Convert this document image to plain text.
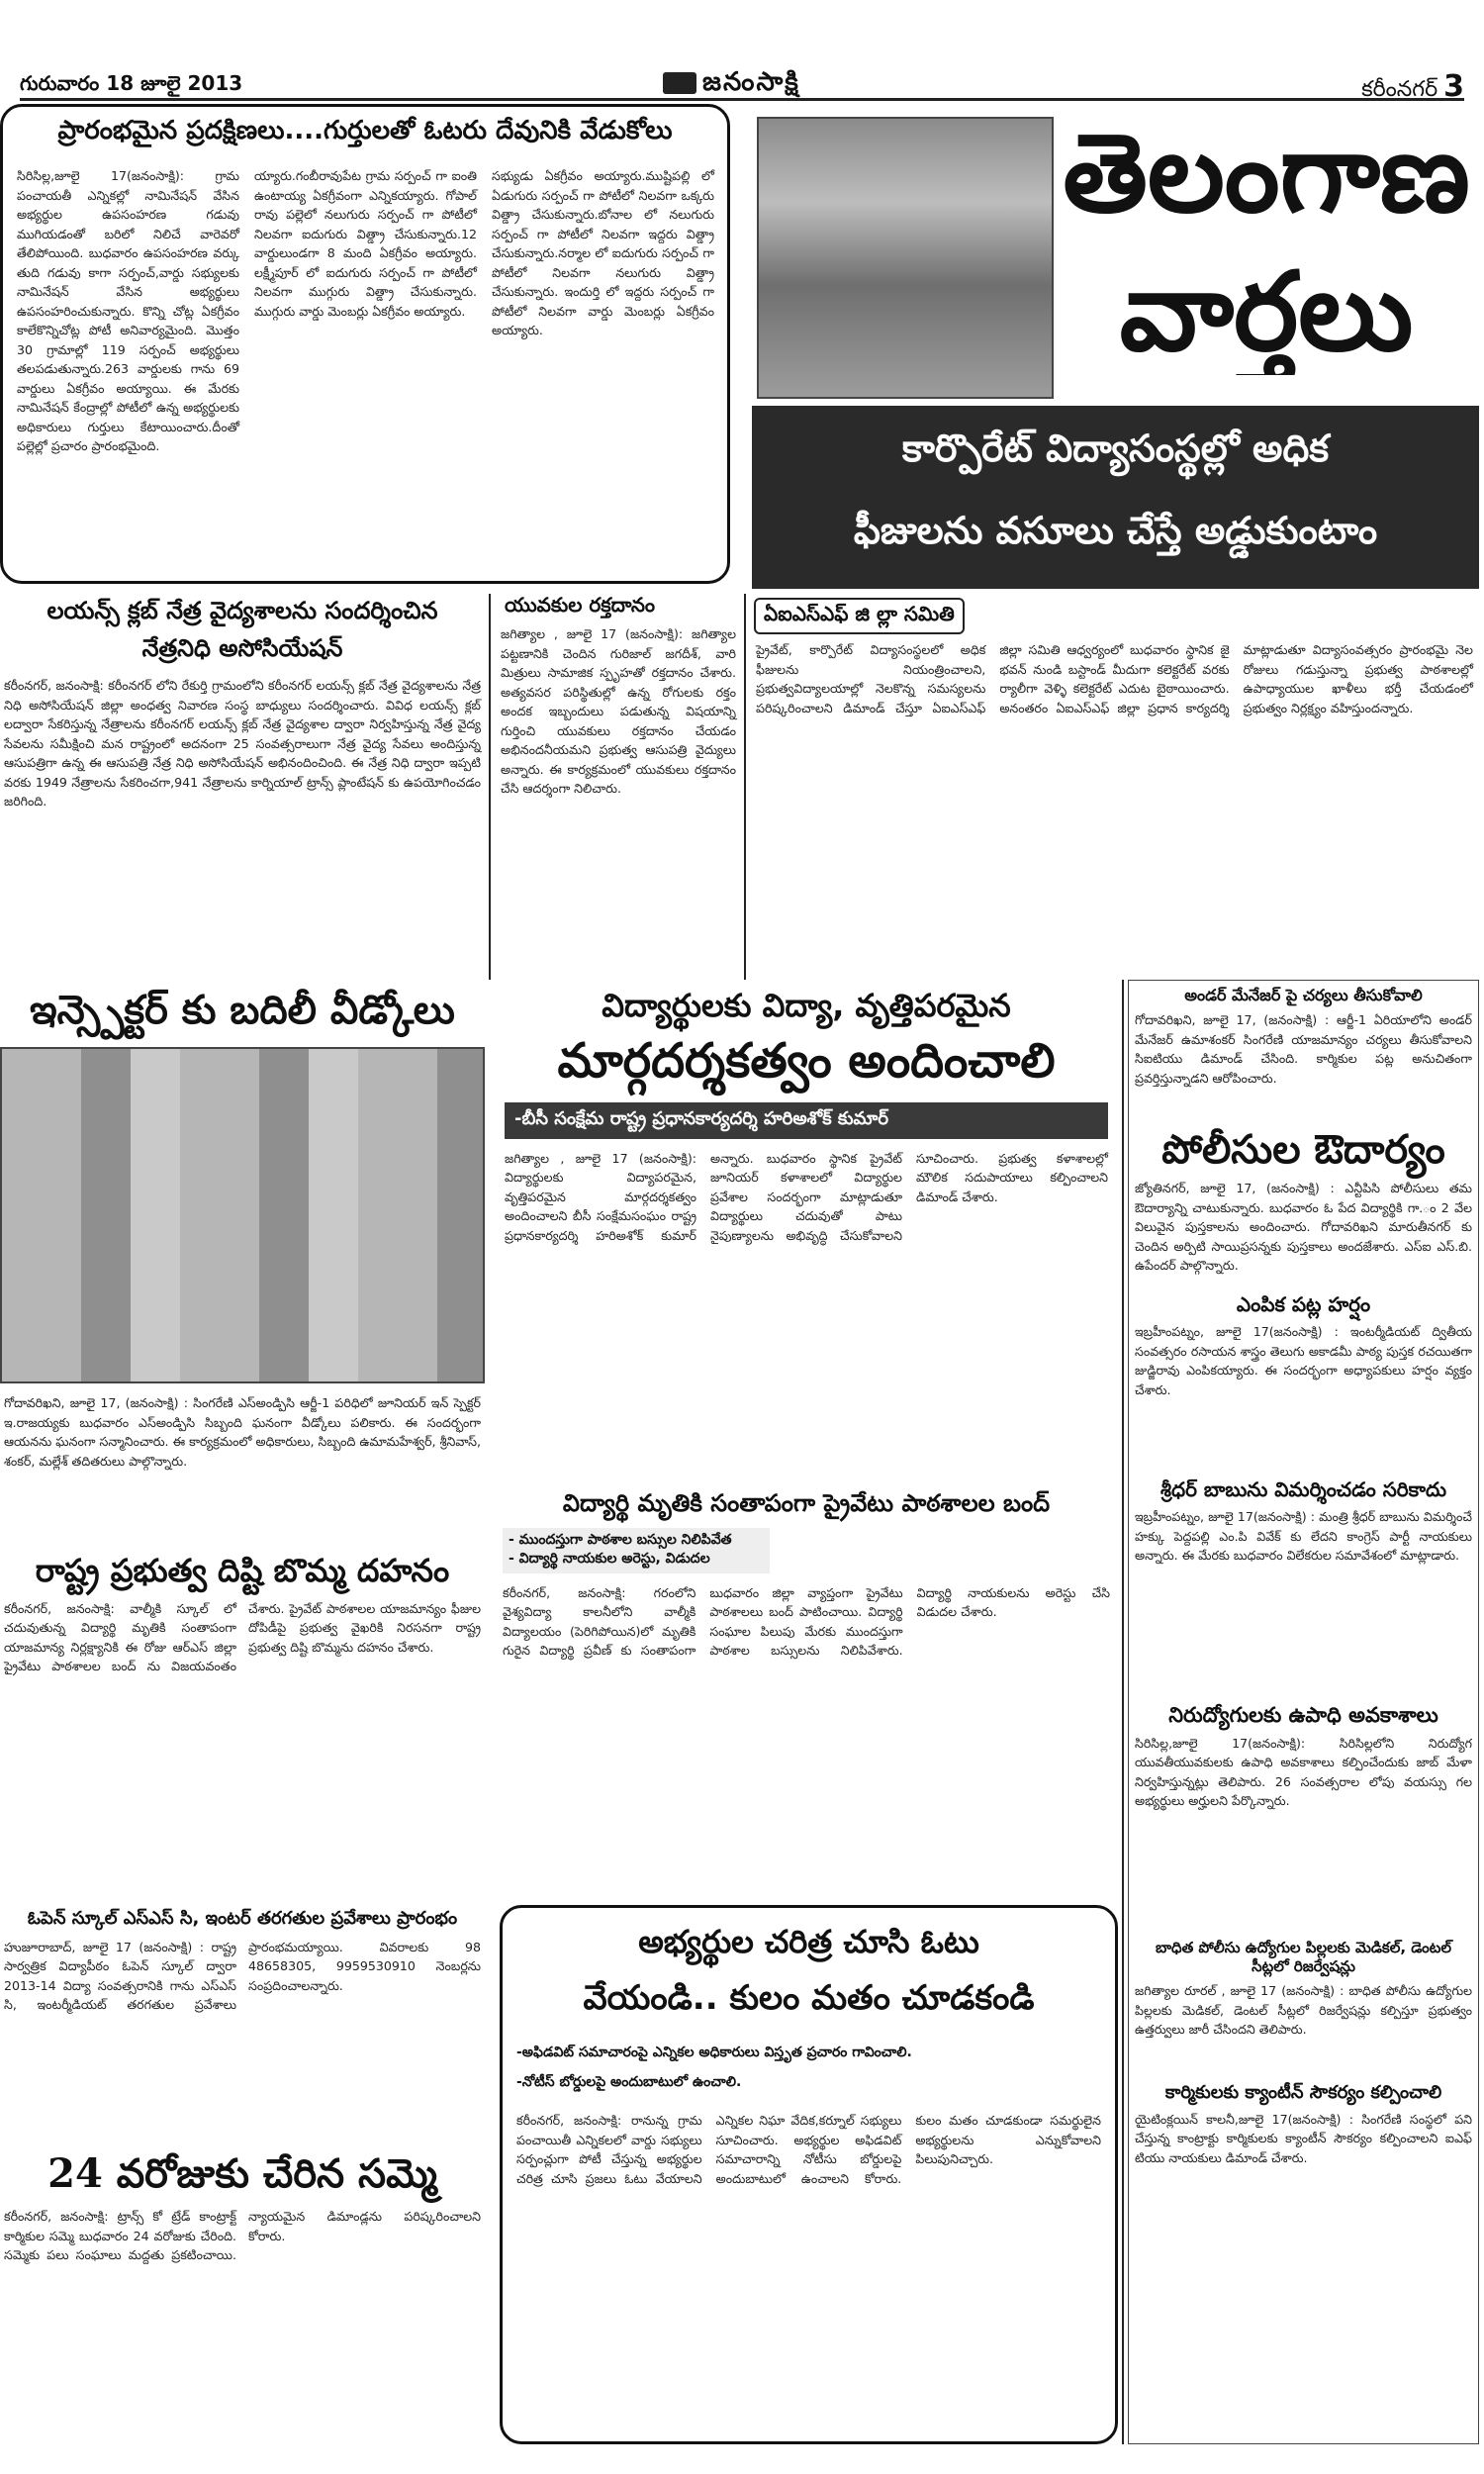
గురువారం 18 జూలై 2013	జనంసాక్షి	కరీంనగర్ 3
ప్రారంభమైన ప్రదక్షిణలు....గుర్తులతో ఓటరు దేవునికి వేడుకోలు
సిరిసిల్ల,జూలై 17(జనంసాక్షి): గ్రామ పంచాయతీ ఎన్నికల్లో నామినేషన్ వేసిన అభ్యర్థుల ఉపసంహరణ గడువు ముగియడంతో బరిలో నిలిచే వారెవరో తేలిపోయింది. బుధవారం ఉపసంహరణ వర్కు తుది గడువు కాగా సర్పంచ్,వార్డు సభ్యులకు నామినేషన్ వేసిన అభ్యర్థులు ఉపసంహరించుకున్నారు. కొన్ని చోట్ల ఏకగ్రీవం కాలేకొన్నిచోట్ల పోటీ అనివార్యమైంది. మొత్తం 30 గ్రామాల్లో 119 సర్పంచ్ అభ్యర్థులు తలపడుతున్నారు.263 వార్డులకు గాను 69 వార్డులు ఏకగ్రీవం అయ్యాయి. ఈ మేరకు నామినేషన్ కేంద్రాల్లో పోటీలో ఉన్న అభ్యర్థులకు అధికారులు గుర్తులు కేటాయించారు.దీంతో పల్లెల్లో ప్రచారం ప్రారంభమైంది.
య్యారు.గంబీరావుపేట గ్రామ సర్పంచ్ గా ఐంతి ఉంటాయ్య ఏకగ్రీవంగా ఎన్నికయ్యారు. గోపాల్ రావు పల్లెలో నలుగురు సర్పంచ్ గా పోటీలో నిలవగా ఐదుగురు విత్డ్రా చేసుకున్నారు.12 వార్డులుండగా 8 మంది ఏకగ్రీవం అయ్యారు. లక్ష్మీపూర్ లో ఐదుగురు సర్పంచ్ గా పోటీలో నిలవగా ముగ్గురు విత్డ్రా చేసుకున్నారు. ముగ్గురు వార్డు మెంబర్లు ఏకగ్రీవం అయ్యారు.
సభ్యుడు ఏకగ్రీవం అయ్యారు.ముష్టిపల్లి లో ఏడుగురు సర్పంచ్ గా పోటీలో నిలవగా ఒక్కరు విత్డ్రా చేసుకున్నారు.బోనాల లో నలుగురు సర్పంచ్ గా పోటీలో నిలవగా ఇద్దరు విత్డ్రా చేసుకున్నారు.నర్మాల లో ఐదుగురు సర్పంచ్ గా పోటీలో నిలవగా నలుగురు విత్డ్రా చేసుకున్నారు. ఇందుర్తి లో ఇద్దరు సర్పంచ్ గా పోటీలో నిలవగా వార్డు మెంబర్లు ఏకగ్రీవం అయ్యారు.
తెలంగాణ
వార్తలు
కార్పొరేట్ విద్యాసంస్థల్లో అధిక
ఫీజులను వసూలు చేస్తే అడ్డుకుంటాం
లయన్స్ క్లబ్ నేత్ర వైద్యశాలను సందర్శించిన
నేత్రనిధి అసోసియేషన్
కరీంనగర్, జనంసాక్షి: కరీంనగర్ లోని రేకుర్తి గ్రామంలోని కరీంనగర్ లయన్స్ క్లబ్ నేత్ర వైద్యశాలను నేత్ర నిధి అసోసియేషన్ జిల్లా అంధత్వ నివారణ సంస్థ బాధ్యులు సందర్శించారు. వివిధ లయన్స్ క్లబ్ లద్వారా సేకరిస్తున్న నేత్రాలను కరీంనగర్ లయన్స్ క్లబ్ నేత్ర వైద్యశాల ద్వారా నిర్వహిస్తున్న నేత్ర వైద్య సేవలను సమీక్షించి మన రాష్ట్రంలో అదనంగా 25 సంవత్సరాలుగా నేత్ర వైద్య సేవలు అందిస్తున్న ఆసుపత్రిగా ఉన్న ఈ ఆసుపత్రి నేత్ర నిధి అసోసియేషన్ అభినందించింది. ఈ నేత్ర నిధి ద్వారా ఇప్పటి వరకు 1949 నేత్రాలను సేకరించగా,941 నేత్రాలను కార్నియాల్ ట్రాన్స్ ప్లాంటేషన్ కు ఉపయోగించడం జరిగింది.
యువకుల రక్తదానం
జగిత్యాల , జూలై 17 (జనంసాక్షి): జగిత్యాల పట్టణానికి చెందిన గురిజాల్ జగదీశ్, వారి మిత్రులు సామాజిక స్పృహతో రక్తదానం చేశారు. అత్యవసర పరిస్థితుల్లో ఉన్న రోగులకు రక్తం అందక ఇబ్బందులు పడుతున్న విషయాన్ని గుర్తించి యువకులు రక్తదానం చేయడం అభినందనీయమని ప్రభుత్వ ఆసుపత్రి వైద్యులు అన్నారు. ఈ కార్యక్రమంలో యువకులు రక్తదానం చేసి ఆదర్శంగా నిలిచారు.
ఏఐఎస్ఎఫ్ జి ల్లా సమితి
ప్రైవేట్, కార్పొరేట్ విద్యాసంస్థలలో అధిక ఫీజులను నియంత్రించాలని, ప్రభుత్వవిద్యాలయాల్లో నెలకొన్న సమస్యలను పరిష్కరించాలని డిమాండ్ చేస్తూ ఏఐఎస్ఎఫ్ జిల్లా సమితి ఆధ్వర్యంలో బుధవారం స్థానిక జై భవన్ నుండి బస్టాండ్ మీదుగా కలెక్టరేట్ వరకు ర్యాలీగా వెళ్ళి కలెక్టరేట్ ఎదుట బైఠాయించారు. అనంతరం ఏఐఎస్ఎఫ్ జిల్లా ప్రధాన కార్యదర్శి మాట్లాడుతూ విద్యాసంవత్సరం ప్రారంభమై నెల రోజులు గడుస్తున్నా ప్రభుత్వ పాఠశాలల్లో ఉపాధ్యాయుల ఖాళీలు భర్తీ చేయడంలో ప్రభుత్వం నిర్లక్ష్యం వహిస్తుందన్నారు.
ఇన్స్పెక్టర్ కు బదిలీ వీడ్కోలు
గోదావరిఖని, జూలై 17, (జనంసాక్షి) : సింగరేణి ఎస్అండ్పిసి ఆర్జీ-1 పరిధిలో జూనియర్ ఇన్ స్పెక్టర్ ఇ.రాజయ్యకు బుధవారం ఎస్అండ్పిసి సిబ్బంది ఘనంగా వీడ్కోలు పలికారు. ఈ సందర్భంగా ఆయనను ఘనంగా సన్మానించారు. ఈ కార్యక్రమంలో అధికారులు, సిబ్బంది ఉమామహేశ్వర్, శ్రీనివాస్, శంకర్, మల్లేశ్ తదితరులు పాల్గొన్నారు.
విద్యార్థులకు విద్యా, వృత్తిపరమైన
మార్గదర్శకత్వం అందించాలి
-బీసీ సంక్షేమ రాష్ట్ర ప్రధానకార్యదర్శి హరిఅశోక్ కుమార్
జగిత్యాల , జూలై 17 (జనంసాక్షి): విద్యార్థులకు విద్యాపరమైన, వృత్తిపరమైన మార్గదర్శకత్వం అందించాలని బీసీ సంక్షేమసంఘం రాష్ట్ర ప్రధానకార్యదర్శి హరిఅశోక్ కుమార్ అన్నారు. బుధవారం స్థానిక ప్రైవేట్ జూనియర్ కళాశాలలో విద్యార్థుల ప్రవేశాల సందర్భంగా మాట్లాడుతూ విద్యార్థులు చదువుతో పాటు నైపుణ్యాలను అభివృద్ధి చేసుకోవాలని సూచించారు. ప్రభుత్వ కళాశాలల్లో మౌలిక సదుపాయాలు కల్పించాలని డిమాండ్ చేశారు.
అండర్ మేనేజర్ పై చర్యలు తీసుకోవాలి
గోదావరిఖని, జూలై 17, (జనంసాక్షి) : ఆర్జీ-1 ఏరియాలోని అండర్ మేనేజర్ ఉమాశంకర్ సింగరేణి యాజమాన్యం చర్యలు తీసుకోవాలని సిఐటియు డిమాండ్ చేసింది. కార్మికుల పట్ల అనుచితంగా ప్రవర్తిస్తున్నాడని ఆరోపించారు.
పోలీసుల ఔదార్యం
జ్యోతినగర్, జూలై 17, (జనంసాక్షి) : ఎన్టీపిసి పోలీసులు తమ ఔదార్యాన్ని చాటుకున్నారు. బుధవారం ఓ పేద విద్యార్థికి గా.ం 2 వేల విలువైన పుస్తకాలను అందించారు. గోదావరిఖని మారుతీనగర్ కు చెందిన అర్పిటి సాయిప్రసన్నకు పుస్తకాలు అందజేశారు. ఎస్ఐ ఎస్.బి. ఉపేందర్ పాల్గొన్నారు.
ఎంపిక పట్ల హర్షం
ఇబ్రహీంపట్నం, జూలై 17(జనంసాక్షి) : ఇంటర్మీడియట్ ద్వితీయ సంవత్సరం రసాయన శాస్త్రం తెలుగు అకాడమీ పాఠ్య పుస్తక రచయితగా జుడ్జిరావు ఎంపికయ్యారు. ఈ సందర్భంగా అధ్యాపకులు హర్షం వ్యక్తం చేశారు.
శ్రీధర్ బాబును విమర్శించడం సరికాదు
ఇబ్రహీంపట్నం, జూలై 17(జనంసాక్షి) : మంత్రి శ్రీధర్ బాబును విమర్శించే హక్కు పెద్దపల్లి ఎం.పి వివేక్ కు లేదని కాంగ్రెస్ పార్టీ నాయకులు అన్నారు. ఈ మేరకు బుధవారం విలేకరుల సమావేశంలో మాట్లాడారు.
నిరుద్యోగులకు ఉపాధి అవకాశాలు
సిరిసిల్ల,జూలై 17(జనంసాక్షి): సిరిసిల్లలోని నిరుద్యోగ యువతీయువకులకు ఉపాధి అవకాశాలు కల్పించేందుకు జాబ్ మేళా నిర్వహిస్తున్నట్లు తెలిపారు. 26 సంవత్సరాల లోపు వయస్సు గల అభ్యర్థులు అర్హులని పేర్కొన్నారు.
బాధిత పోలీసు ఉద్యోగుల పిల్లలకు మెడికల్, డెంటల్
సీట్లలో రిజర్వేషన్లు
జగిత్యాల రూరల్ , జూలై 17 (జనంసాక్షి) : బాధిత పోలీసు ఉద్యోగుల పిల్లలకు మెడికల్, డెంటల్ సీట్లలో రిజర్వేషన్లు కల్పిస్తూ ప్రభుత్వం ఉత్తర్వులు జారీ చేసిందని తెలిపారు.
కార్మికులకు క్యాంటీన్ సౌకర్యం కల్పించాలి
యైటింక్లయిన్ కాలనీ,జూలై 17(జనంసాక్షి) : సింగరేణి సంస్థలో పని చేస్తున్న కాంట్రాక్టు కార్మికులకు క్యాంటీన్ సౌకర్యం కల్పించాలని ఐఎఫ్ టియు నాయకులు డిమాండ్ చేశారు.
రాష్ట్ర ప్రభుత్వ దిష్టి బొమ్మ దహనం
కరీంనగర్, జనంసాక్షి: వాల్మీకి స్కూల్ లో చదువుతున్న విద్యార్థి మృతికి సంతాపంగా యాజమాన్య నిర్లక్ష్యానికి ఈ రోజు ఆర్ఎస్ జిల్లా ప్రైవేటు పాఠశాలల బంద్ ను విజయవంతం చేశారు. ప్రైవేట్ పాఠశాలల యాజమాన్యం ఫీజుల దోపిడీపై ప్రభుత్వ వైఖరికి నిరసనగా రాష్ట్ర ప్రభుత్వ దిష్టి బొమ్మను దహనం చేశారు.
విద్యార్థి మృతికి సంతాపంగా ప్రైవేటు పాఠశాలల బంద్
- ముందస్తుగా పాఠశాల బస్సుల నిలిపివేత
- విద్యార్థి నాయకుల అరెస్టు, విడుదల
కరీంనగర్, జనంసాక్షి: గరంలోని వైశ్యవిద్యా కాలనీలోని వాల్మీకి విద్యాలయం (పెరిగిపోయిన)లో మృతికి గురైన విద్యార్థి ప్రవీణ్ కు సంతాపంగా బుధవారం జిల్లా వ్యాప్తంగా ప్రైవేటు పాఠశాలలు బంద్ పాటించాయి. విద్యార్థి సంఘాల పిలుపు మేరకు ముందస్తుగా పాఠశాల బస్సులను నిలిపివేశారు. విద్యార్థి నాయకులను అరెస్టు చేసి విడుదల చేశారు.
అభ్యర్థుల చరిత్ర చూసి ఓటు
వేయండి.. కులం మతం చూడకండి
-అఫిడవిట్ సమాచారంపై ఎన్నికల అధికారులు విస్తృత ప్రచారం గావించాలి.
-నోటీస్ బోర్డులపై అందుబాటులో ఉంచాలి.
కరీంనగర్, జనంసాక్షి: రానున్న గ్రామ పంచాయితీ ఎన్నికలలో వార్డు సభ్యులు సర్పంచ్లుగా పోటీ చేస్తున్న అభ్యర్థుల చరిత్ర చూసి ప్రజలు ఓటు వేయాలని ఎన్నికల నిఘా వేదిక,కర్నూల్ సభ్యులు సూచించారు. అభ్యర్థుల అఫిడవిట్ సమాచారాన్ని నోటీసు బోర్డులపై అందుబాటులో ఉంచాలని కోరారు. కులం మతం చూడకుండా సమర్థులైన అభ్యర్థులను ఎన్నుకోవాలని పిలుపునిచ్చారు.
ఓపెన్ స్కూల్ ఎస్ఎస్ సి, ఇంటర్ తరగతుల ప్రవేశాలు ప్రారంభం
హుజూరాబాద్, జూలై 17 (జనంసాక్షి) : రాష్ట్ర సార్వత్రిక విద్యాపీఠం ఓపెన్ స్కూల్ ద్వారా 2013-14 విద్యా సంవత్సరానికి గాను ఎస్ఎస్ సి, ఇంటర్మీడియట్ తరగతుల ప్రవేశాలు ప్రారంభమయ్యాయి. వివరాలకు 98 48658305, 9959530910 నెంబర్లను సంప్రదించాలన్నారు.
24 వరోజుకు చేరిన సమ్మె
కరీంనగర్, జనంసాక్షి: ట్రాన్స్ కో ట్రేడ్ కాంట్రాక్ట్ కార్మికుల సమ్మె బుధవారం 24 వరోజుకు చేరింది. సమ్మెకు పలు సంఘాలు మద్దతు ప్రకటించాయి. న్యాయమైన డిమాండ్లను పరిష్కరించాలని కోరారు.
